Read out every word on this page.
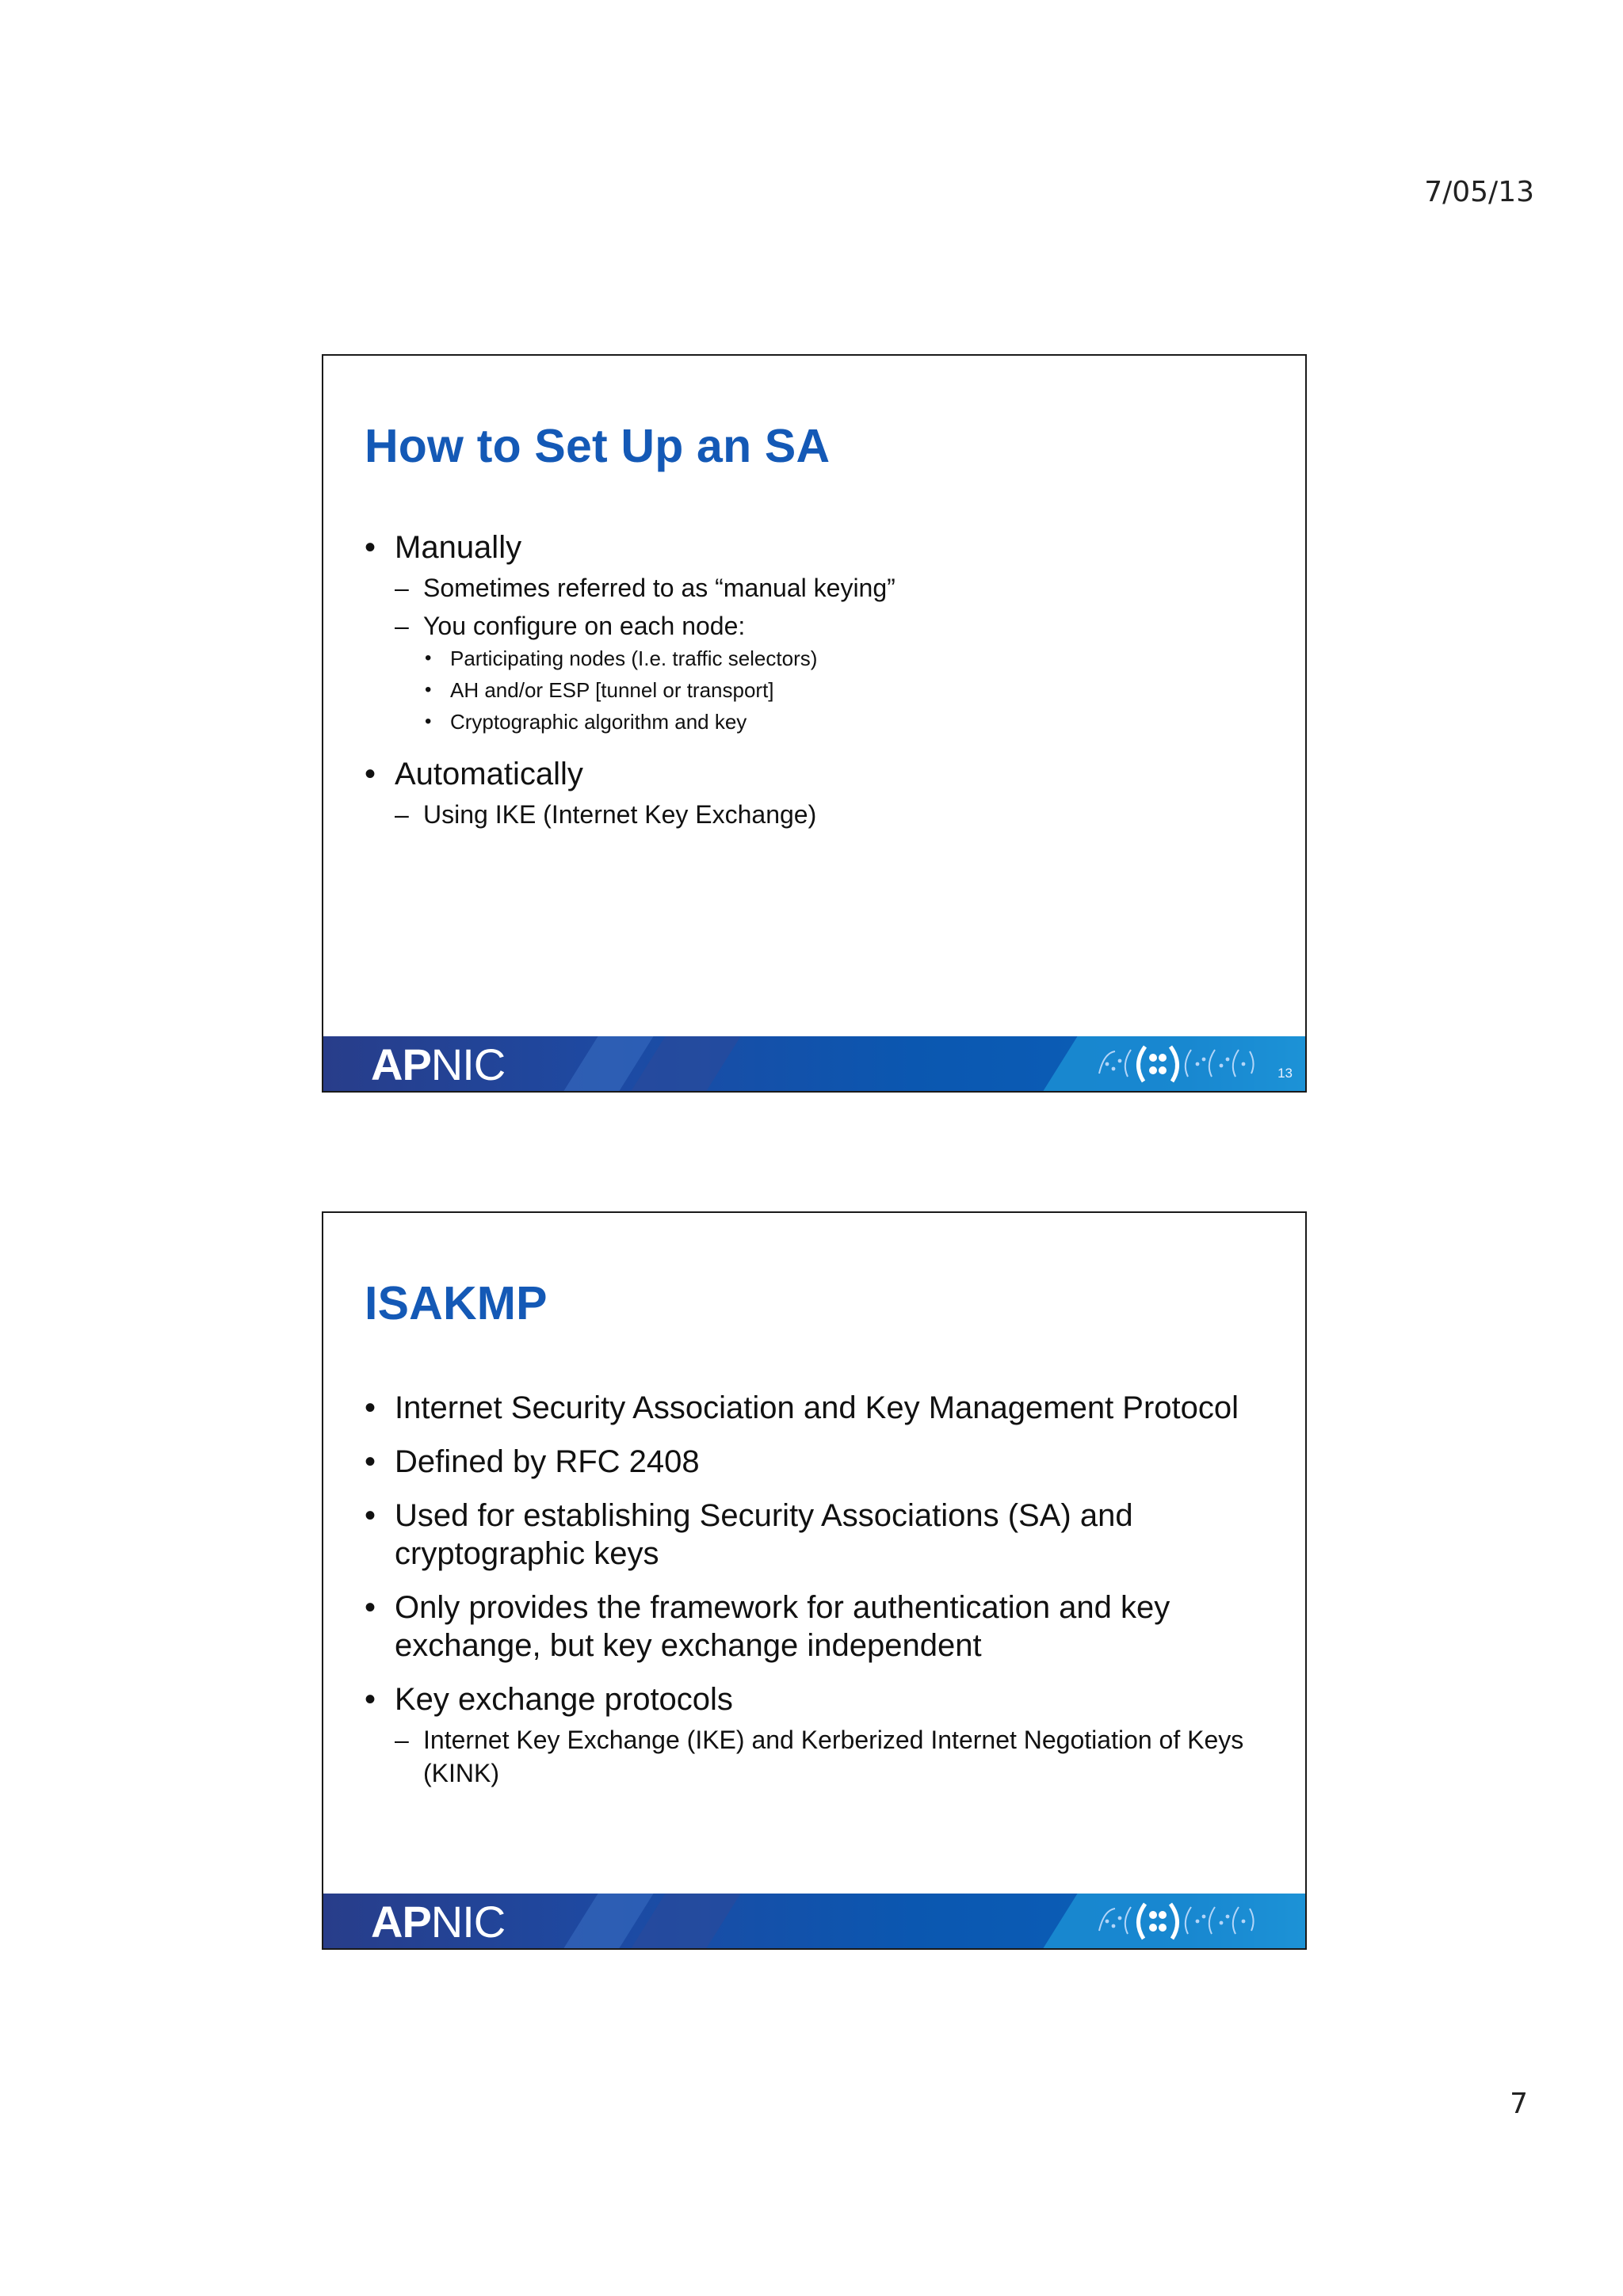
7/05/13
How to Set Up an SA
• Manually
– Sometimes referred to as “manual keying”
– You configure on each node:
• Participating nodes (I.e. traffic selectors)
• AH and/or ESP [tunnel or transport]
• Cryptographic algorithm and key
• Automatically
– Using IKE (Internet Key Exchange)
APNIC	13
ISAKMP
• Internet Security Association and Key Management Protocol
• Defined by RFC 2408
• Used for establishing Security Associations (SA) and cryptographic keys
• Only provides the framework for authentication and key exchange, but key exchange independent
• Key exchange protocols
– Internet Key Exchange (IKE) and Kerberized Internet Negotiation of Keys (KINK)
APNIC
7
